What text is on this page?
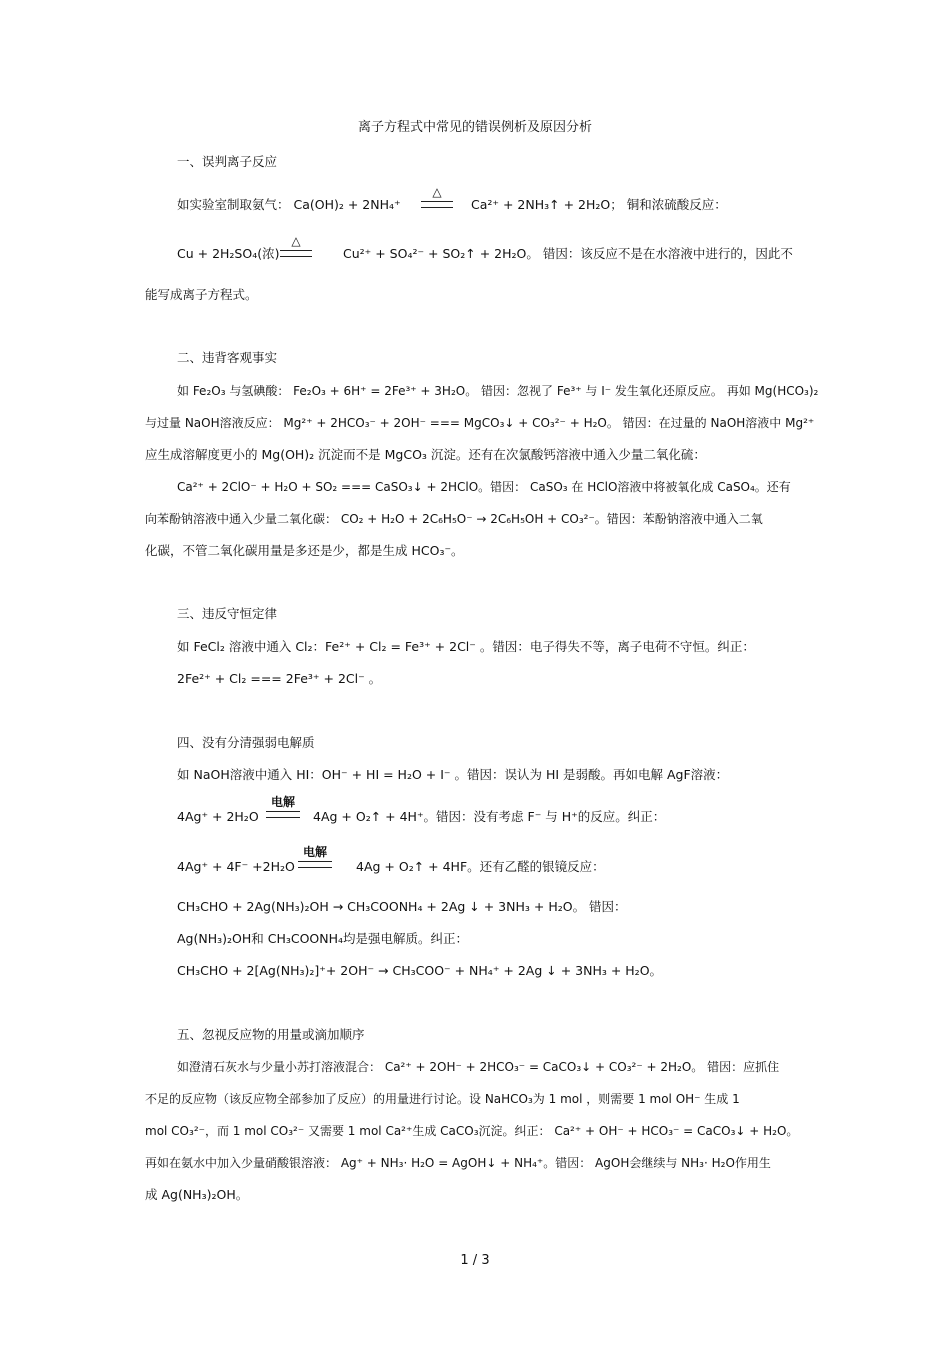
离子方程式中常见的错误例析及原因分析
一、误判离子反应
如实验室制取氨气： Ca(OH)₂ + 2NH₄⁺
△
Ca²⁺ + 2NH₃↑ + 2H₂O； 铜和浓硫酸反应：
Cu + 2H₂SO₄(浓)
△
Cu²⁺ + SO₄²⁻ + SO₂↑ + 2H₂O。 错因：该反应不是在水溶液中进行的，因此不
能写成离子方程式。
二、违背客观事实
如 Fe₂O₃ 与氢碘酸： Fe₂O₃ + 6H⁺ = 2Fe³⁺ + 3H₂O。 错因：忽视了 Fe³⁺ 与 I⁻ 发生氧化还原反应。 再如 Mg(HCO₃)₂
与过量 NaOH溶液反应： Mg²⁺ + 2HCO₃⁻ + 2OH⁻ === MgCO₃↓ + CO₃²⁻ + H₂O。 错因：在过量的 NaOH溶液中 Mg²⁺
应生成溶解度更小的 Mg(OH)₂ 沉淀而不是 MgCO₃ 沉淀。还有在次氯酸钙溶液中通入少量二氧化硫：
Ca²⁺ + 2ClO⁻ + H₂O + SO₂ === CaSO₃↓ + 2HClO。错因： CaSO₃ 在 HClO溶液中将被氧化成 CaSO₄。还有
向苯酚钠溶液中通入少量二氧化碳： CO₂ + H₂O + 2C₆H₅O⁻ → 2C₆H₅OH + CO₃²⁻。错因：苯酚钠溶液中通入二氧
化碳，不管二氧化碳用量是多还是少，都是生成 HCO₃⁻。
三、违反守恒定律
如 FeCl₂ 溶液中通入 Cl₂：Fe²⁺ + Cl₂ = Fe³⁺ + 2Cl⁻ 。错因：电子得失不等，离子电荷不守恒。纠正：
2Fe²⁺ + Cl₂ === 2Fe³⁺ + 2Cl⁻ 。
四、没有分清强弱电解质
如 NaOH溶液中通入 HI：OH⁻ + HI = H₂O + I⁻ 。错因：误认为 HI 是弱酸。再如电解 AgF溶液：
4Ag⁺ + 2H₂O
电解
4Ag + O₂↑ + 4H⁺。错因：没有考虑 F⁻ 与 H⁺的反应。纠正：
4Ag⁺ + 4F⁻ +2H₂O
电解
4Ag + O₂↑ + 4HF。还有乙醛的银镜反应：
CH₃CHO + 2Ag(NH₃)₂OH → CH₃COONH₄ + 2Ag ↓ + 3NH₃ + H₂O。 错因：
Ag(NH₃)₂OH和 CH₃COONH₄均是强电解质。纠正：
CH₃CHO + 2[Ag(NH₃)₂]⁺+ 2OH⁻ → CH₃COO⁻ + NH₄⁺ + 2Ag ↓ + 3NH₃ + H₂O。
五、忽视反应物的用量或滴加顺序
如澄清石灰水与少量小苏打溶液混合： Ca²⁺ + 2OH⁻ + 2HCO₃⁻ = CaCO₃↓ + CO₃²⁻ + 2H₂O。 错因：应抓住
不足的反应物（该反应物全部参加了反应）的用量进行讨论。设 NaHCO₃为 1 mol ，则需要 1 mol OH⁻ 生成 1
mol CO₃²⁻，而 1 mol CO₃²⁻ 又需要 1 mol Ca²⁺生成 CaCO₃沉淀。纠正： Ca²⁺ + OH⁻ + HCO₃⁻ = CaCO₃↓ + H₂O。
再如在氨水中加入少量硝酸银溶液： Ag⁺ + NH₃· H₂O = AgOH↓ + NH₄⁺。错因： AgOH会继续与 NH₃· H₂O作用生
成 Ag(NH₃)₂OH。
1 / 3
